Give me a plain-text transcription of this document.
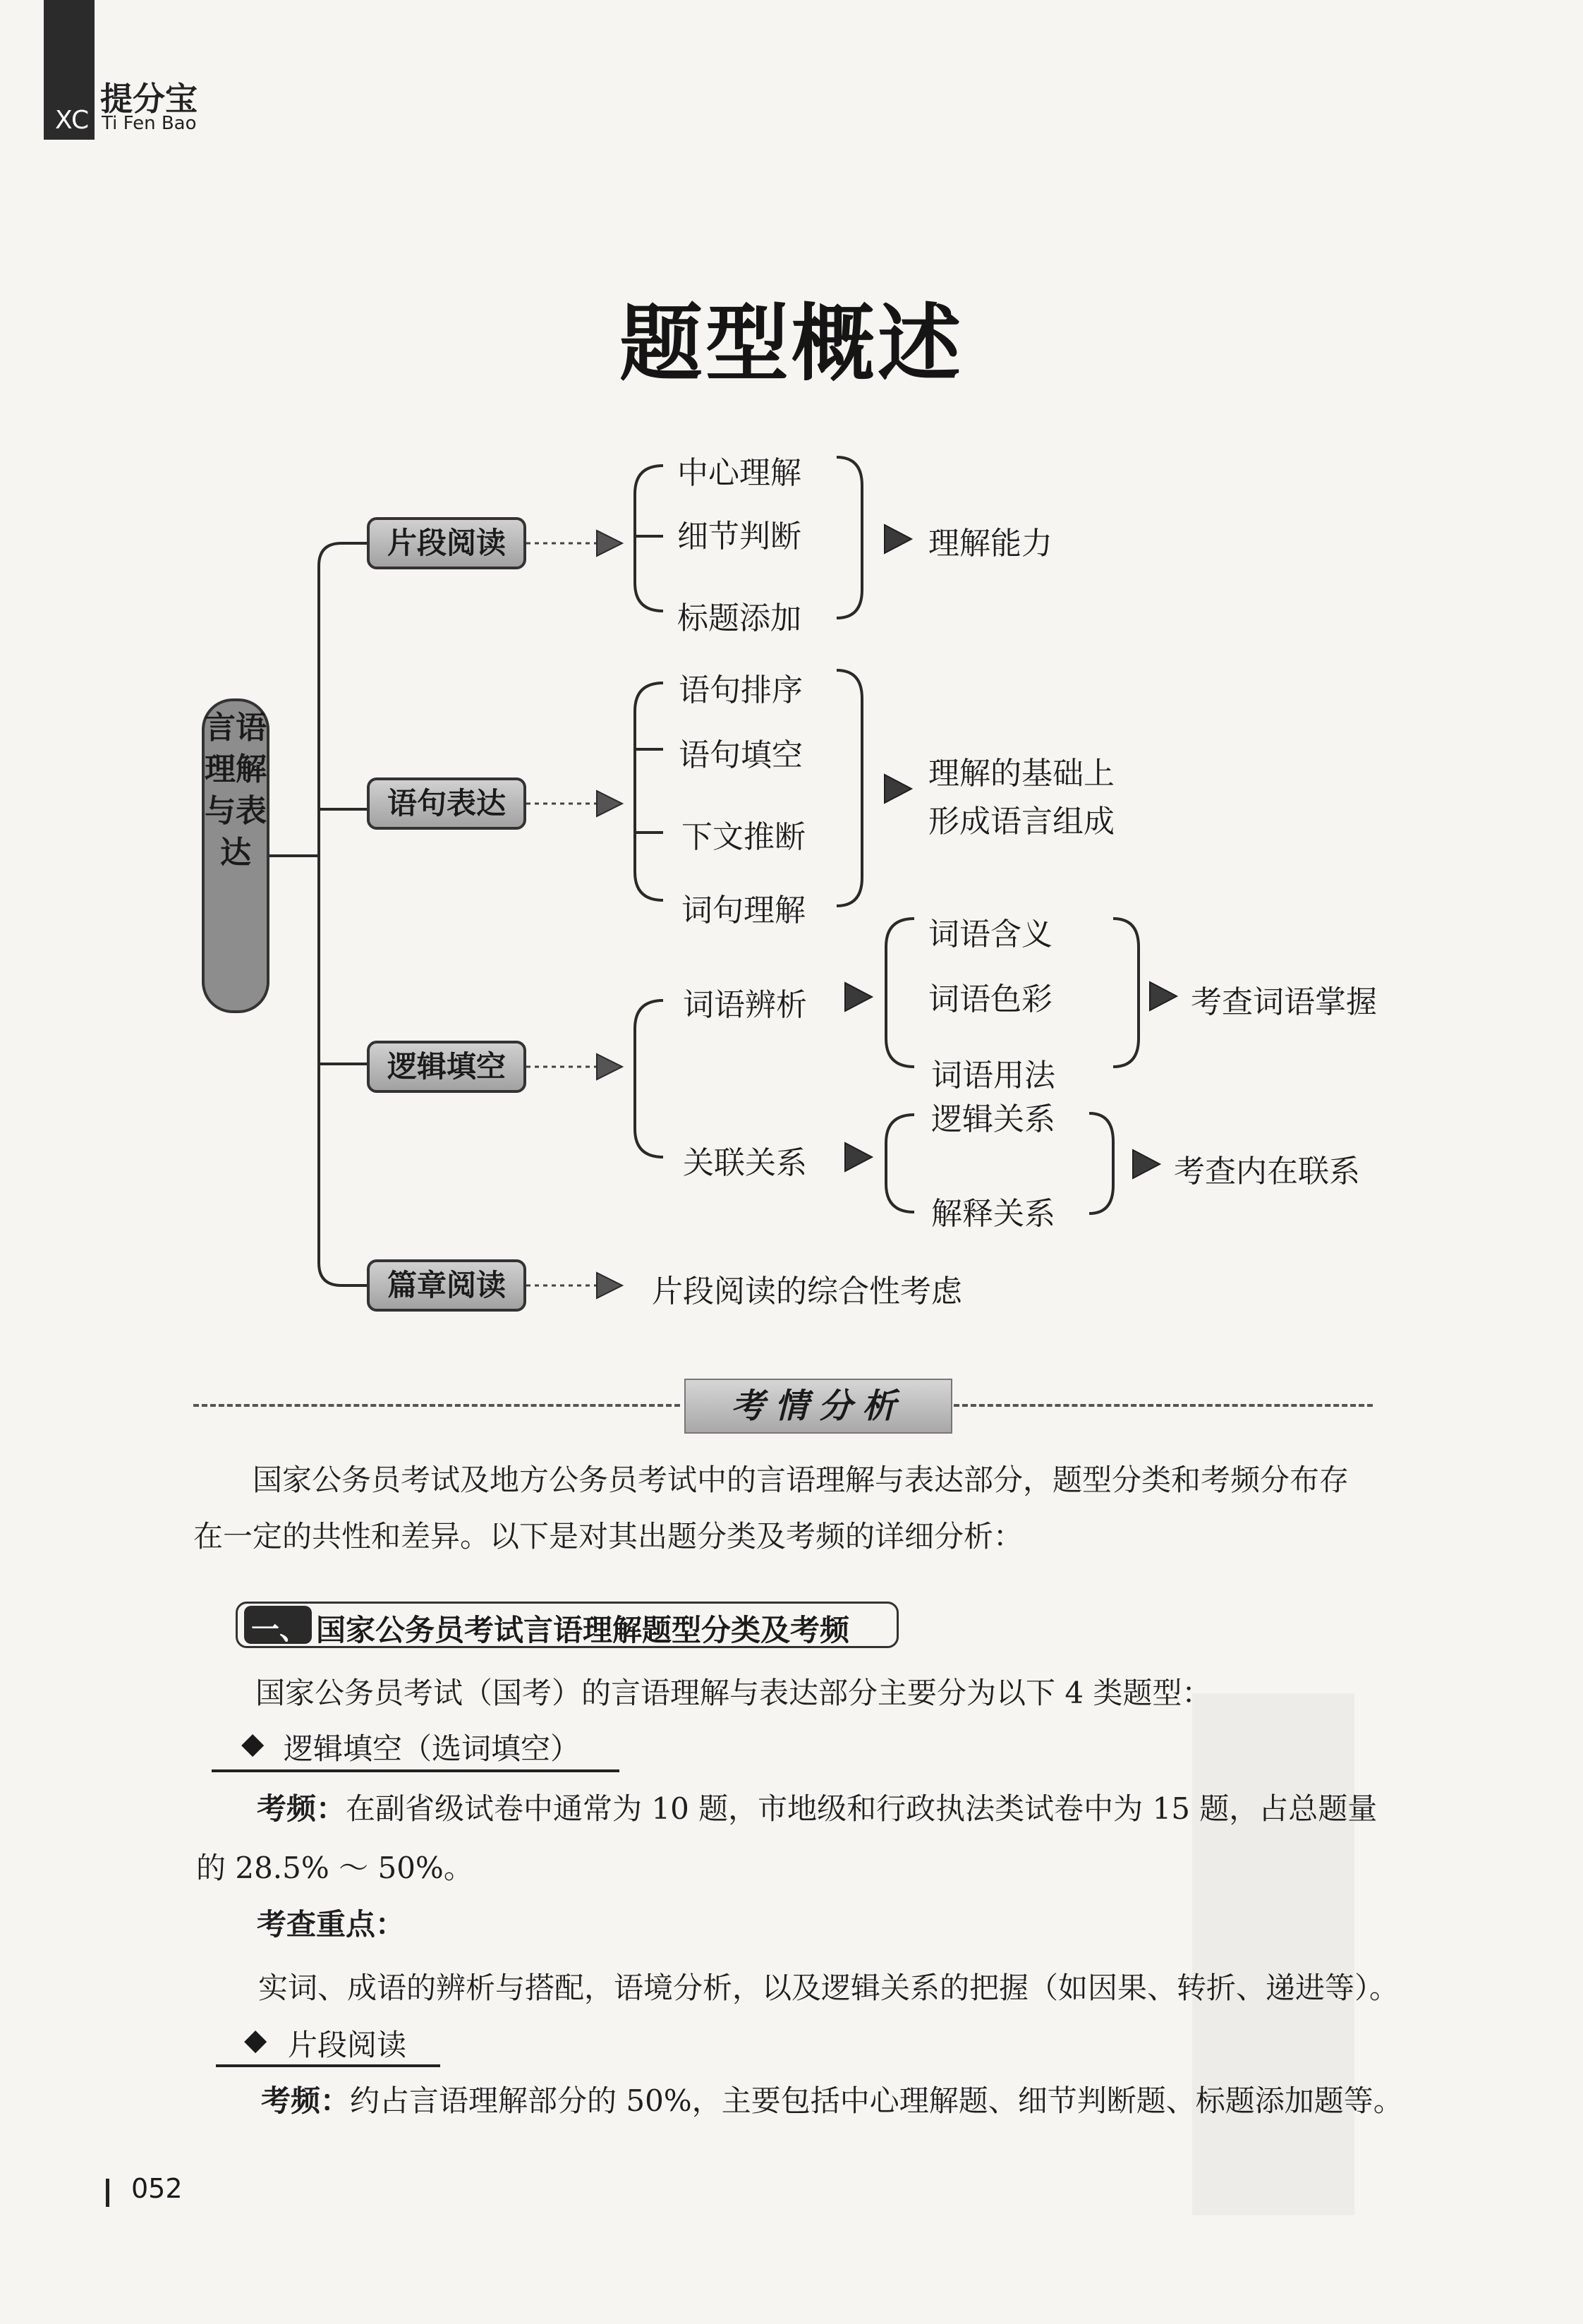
XC
提分宝
Ti Fen Bao
题型概述
言语理解与表达
片段阅读
语句表达
逻辑填空
篇章阅读
中心理解
细节判断
标题添加
理解能力
语句排序
语句填空
下文推断
词句理解
理解的基础上
形成语言组成
词语辨析
词语含义
词语色彩
词语用法
考查词语掌握
关联关系
逻辑关系
解释关系
考查内在联系
片段阅读的综合性考虑
考情分析
国家公务员考试及地方公务员考试中的言语理解与表达部分，题型分类和考频分布存
在一定的共性和差异。以下是对其出题分类及考频的详细分析：
一、 国家公务员考试言语理解题型分类及考频
国家公务员考试（国考）的言语理解与表达部分主要分为以下 4 类题型：
◆ 逻辑填空（选词填空）
考频：在副省级试卷中通常为 10 题，市地级和行政执法类试卷中为 15 题，占总题量
的 28.5% ～ 50%。
考查重点：
实词、成语的辨析与搭配，语境分析，以及逻辑关系的把握（如因果、转折、递进等）。
◆ 片段阅读
考频：约占言语理解部分的 50%，主要包括中心理解题、细节判断题、标题添加题等。
052
